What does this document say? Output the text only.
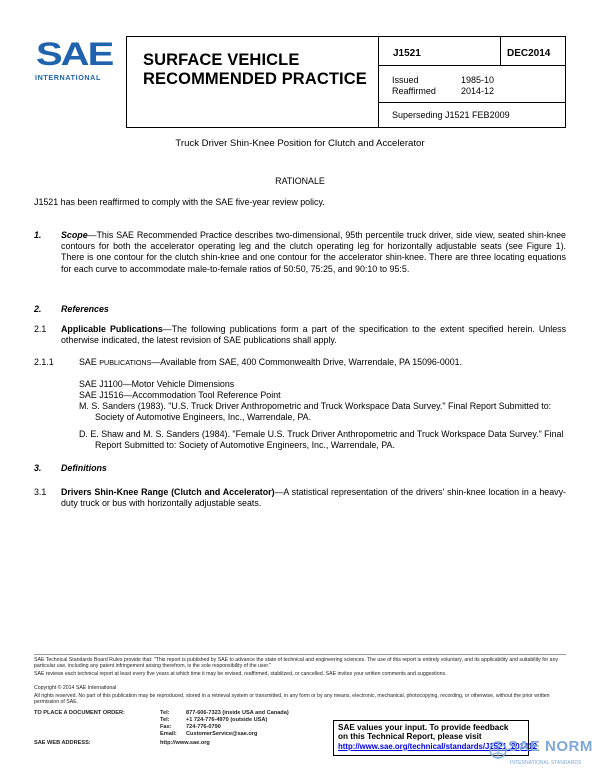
SAE
INTERNATIONAL
SURFACE VEHICLE
RECOMMENDED PRACTICE
J1521	DEC2014
Issued	1985-10
Reaffirmed	2014-12
Superseding J1521 FEB2009
Truck Driver Shin-Knee Position for Clutch and Accelerator
RATIONALE
J1521 has been reaffirmed to comply with the SAE five-year review policy.
1. Scope—This SAE Recommended Practice describes two-dimensional, 95th percentile truck driver, side view, seated shin-knee contours for both the accelerator operating leg and the clutch operating leg for horizontally adjustable seats (see Figure 1). There is one contour for the clutch shin-knee and one contour for the accelerator shin-knee. There are three locating equations for each curve to accommodate male-to-female ratios of 50:50, 75:25, and 90:10 to 95:5.
2. References
2.1 Applicable Publications—The following publications form a part of the specification to the extent specified herein. Unless otherwise indicated, the latest revision of SAE publications shall apply.
2.1.1	SAE PUBLICATIONS—Available from SAE, 400 Commonwealth Drive, Warrendale, PA 15096-0001.
SAE J1100—Motor Vehicle Dimensions
SAE J1516—Accommodation Tool Reference Point
M. S. Sanders (1983). "U.S. Truck Driver Anthropometric and Truck Workspace Data Survey." Final Report Submitted to: Society of Automotive Engineers, Inc., Warrendale, PA.
D. E. Shaw and M. S. Sanders (1984). "Female U.S. Truck Driver Anthropometric and Truck Workspace Data Survey." Final Report Submitted to: Society of Automotive Engineers, Inc., Warrendale, PA.
3. Definitions
3.1 Drivers Shin-Knee Range (Clutch and Accelerator)—A statistical representation of the drivers' shin-knee location in a heavy-duty truck or bus with horizontally adjustable seats.
SAE Technical Standards Board Rules provide that: "This report is published by SAE to advance the state of technical and engineering sciences. The use of this report is entirely voluntary, and its applicability and suitability for any particular use, including any patent infringement arising therefrom, is the sole responsibility of the user."
SAE reviews each technical report at least every five years at which time it may be revised, reaffirmed, stabilized, or cancelled. SAE invites your written comments and suggestions.
Copyright © 2014 SAE International
All rights reserved. No part of this publication may be reproduced, stored in a retrieval system or transmitted, in any form or by any means, electronic, mechanical, photocopying, recording, or otherwise, without the prior written permission of SAE.
TO PLACE A DOCUMENT ORDER:	Tel:	877-606-7323 (inside USA and Canada)
Tel:	+1 724-776-4970 (outside USA)
Fax:	724-776-0790
Email: CustomerService@sae.org
SAE WEB ADDRESS:	http://www.sae.org
SAE values your input. To provide feedback
on this Technical Report, please visit
http://www.sae.org/technical/standards/J1521_201412
SAE NORM
INTERNATIONAL STANDARDS
